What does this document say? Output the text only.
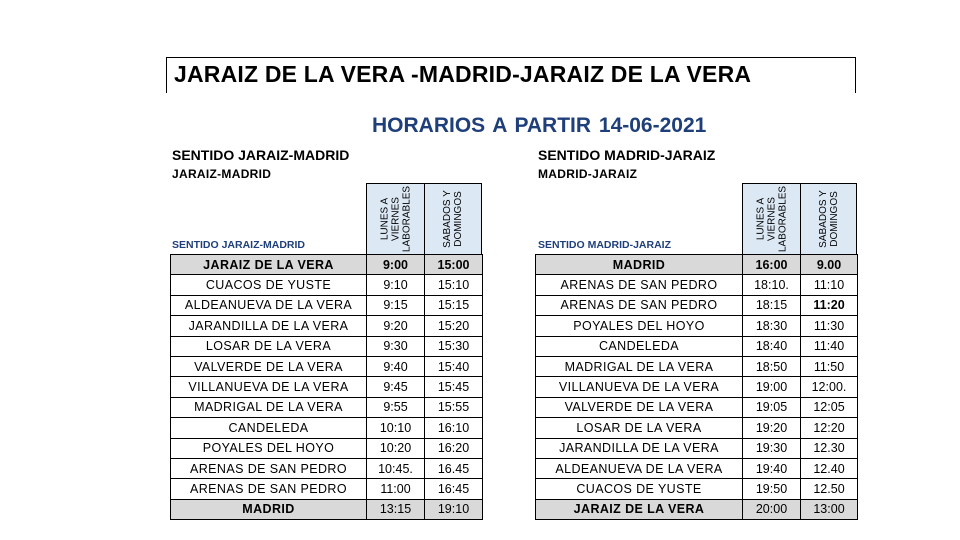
JARAIZ DE LA VERA -MADRID-JARAIZ DE LA VERA
HORARIOS A PARTIR 14-06-2021
SENTIDO JARAIZ-MADRID
JARAIZ-MADRID
SENTIDO JARAIZ-MADRID
LUNES A
VIERNES
LABORABLES	SABADOS Y
DOMINGOS
JARAIZ DE LA VERA	9:00	15:00
CUACOS DE YUSTE	9:10	15:10
ALDEANUEVA DE LA VERA	9:15	15:15
JARANDILLA DE LA VERA	9:20	15:20
LOSAR DE LA VERA	9:30	15:30
VALVERDE DE LA VERA	9:40	15:40
VILLANUEVA DE LA VERA	9:45	15:45
MADRIGAL DE LA VERA	9:55	15:55
CANDELEDA	10:10	16:10
POYALES DEL HOYO	10:20	16:20
ARENAS DE SAN PEDRO	10:45.	16.45
ARENAS DE SAN PEDRO	11:00	16:45
MADRID	13:15	19:10
SENTIDO MADRID-JARAIZ
MADRID-JARAIZ
SENTIDO MADRID-JARAIZ
LUNES A
VIERNES
LABORABLES	SABADOS Y
DOMINGOS
MADRID	16:00	9.00
ARENAS DE SAN PEDRO	18:10.	11:10
ARENAS DE SAN PEDRO	18:15	11:20
POYALES DEL HOYO	18:30	11:30
CANDELEDA	18:40	11:40
MADRIGAL DE LA VERA	18:50	11:50
VILLANUEVA DE LA VERA	19:00	12:00.
VALVERDE DE LA VERA	19:05	12:05
LOSAR DE LA VERA	19:20	12:20
JARANDILLA DE LA VERA	19:30	12.30
ALDEANUEVA DE LA VERA	19:40	12.40
CUACOS DE YUSTE	19:50	12.50
JARAIZ DE LA VERA	20:00	13:00
